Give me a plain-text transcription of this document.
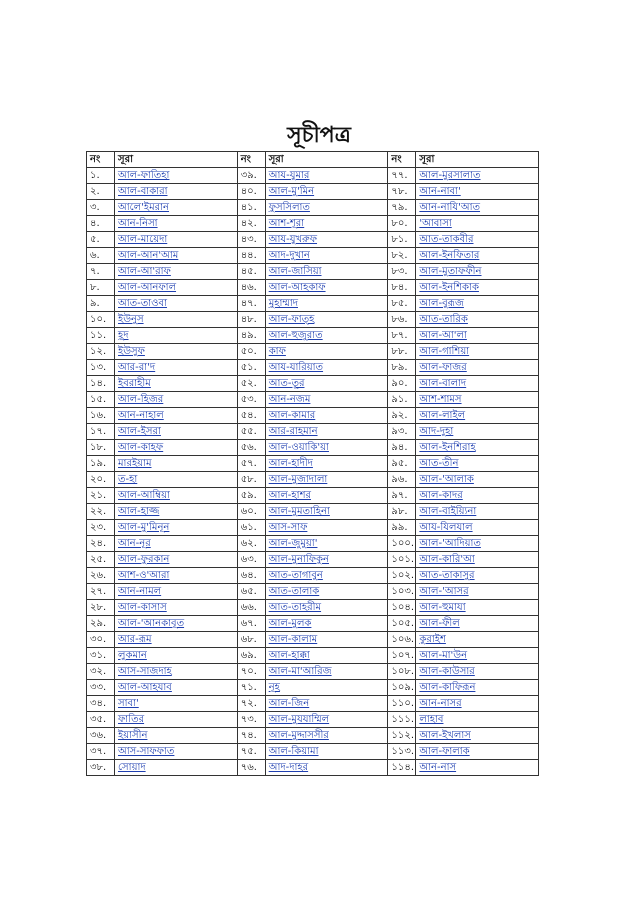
সূচীপত্র
নং	সূরা	নং	সূরা	নং	সূরা
১.	আল-ফাতিহা	৩৯.	আয-যুমার	৭৭.	আল-মুরসালাত
২.	আল-বাকারা	৪০.	আল-মু'মিন	৭৮.	আন-নাবা'
৩.	আলে'ইমরান	৪১.	ফুসসিলাত	৭৯.	আন-নাযি'আত
৪.	আন-নিসা	৪২.	আশ-শূরা	৮০.	'আবাসা
৫.	আল-মায়েদা	৪৩.	আয-যুখরুফ	৮১.	আত-তাকবীর
৬.	আল-আন'আম	৪৪.	আদ-দুখান	৮২.	আল-ইনফিতার
৭.	আল-আ'রাফ	৪৫.	আল-জাসিয়া	৮৩.	আল-মুতাফফীন
৮.	আল-আনফাল	৪৬.	আল-আহকাফ	৮৪.	আল-ইনশিকাক
৯.	আত-তাওবা	৪৭.	মুহাম্মাদ	৮৫.	আল-বুরূজ
১০.	ইউনুস	৪৮.	আল-ফাত্হ	৮৬.	আত-তারিক
১১.	হূদ	৪৯.	আল-হুজুরাত	৮৭.	আল-আ'লা
১২.	ইউসুফ	৫০.	কাফ	৮৮.	আল-গাশিয়া
১৩.	আর-রা'দ	৫১.	আয-যারিয়াত	৮৯.	আল-ফাজর
১৪.	ইবরাহীম	৫২.	আত-তূর	৯০.	আল-বালাদ
১৫.	আল-হিজর	৫৩.	আন-নজম	৯১.	আশ-শামস
১৬.	আন-নাহাল	৫৪.	আল-কামার	৯২.	আল-লাইল
১৭.	আল-ইসরা	৫৫.	আর-রাহমান	৯৩.	আদ-দুহা
১৮.	আল-কাহফ	৫৬.	আল-ওয়াকি'য়া	৯৪.	আল-ইনশিরাহ
১৯.	মারইয়াম	৫৭.	আল-হাদীদ	৯৫.	আত-তীন
২০.	ত-হা	৫৮.	আল-মুজাদালা	৯৬.	আল-'আলাক
২১.	আল-আম্বিয়া	৫৯.	আল-হাশর	৯৭.	আল-কাদর
২২.	আল-হাজ্জ	৬০.	আল-মুমতাহিনা	৯৮.	আল-বাইয়্যিনা
২৩.	আল-মু'মিনূন	৬১.	আস-সাফ	৯৯.	আয-যিলযাল
২৪.	আন-নূর	৬২.	আল-জুমুয়া'	১০০.	আল-'আদিয়াত
২৫.	আল-ফুরকান	৬৩.	আল-মুনাফিকুন	১০১.	আল-কারি'আ
২৬.	আশ-ও'আরা	৬৪.	আত-তাগাবুন	১০২.	আত-তাকাসুর
২৭.	আন-নামল	৬৫.	আত-তালাক	১০৩.	আল-'আসর
২৮.	আল-কাসাস	৬৬.	আত-তাহরীম	১০৪.	আল-হুমাযা
২৯.	আল-'আনকাবূত	৬৭.	আল-মুলক	১০৫.	আল-ফীল
৩০.	আর-রূম	৬৮.	আল-কালাম	১০৬.	কুরাইশ
৩১.	লুকমান	৬৯.	আল-হাক্কা	১০৭.	আল-মা'উন
৩২.	আস-সাজদাহ	৭০.	আল-মা'আরিজ	১০৮.	আল-কাউসার
৩৩.	আল-আহযাব	৭১.	নূহ	১০৯.	আল-কাফিরূন
৩৪.	সাবা'	৭২.	আল-জিন	১১০.	আন-নাসর
৩৫.	ফাতির	৭৩.	আল-মুযযাম্মিল	১১১.	লাহাব
৩৬.	ইয়াসীন	৭৪.	আল-মুদ্দাসসীর	১১২.	আল-ইখলাস
৩৭.	আস-সাফফাত	৭৫.	আল-কিয়ামা	১১৩.	আল-ফালাক
৩৮.	সোয়াদ	৭৬.	আদ-দাহর	১১৪.	আন-নাস
